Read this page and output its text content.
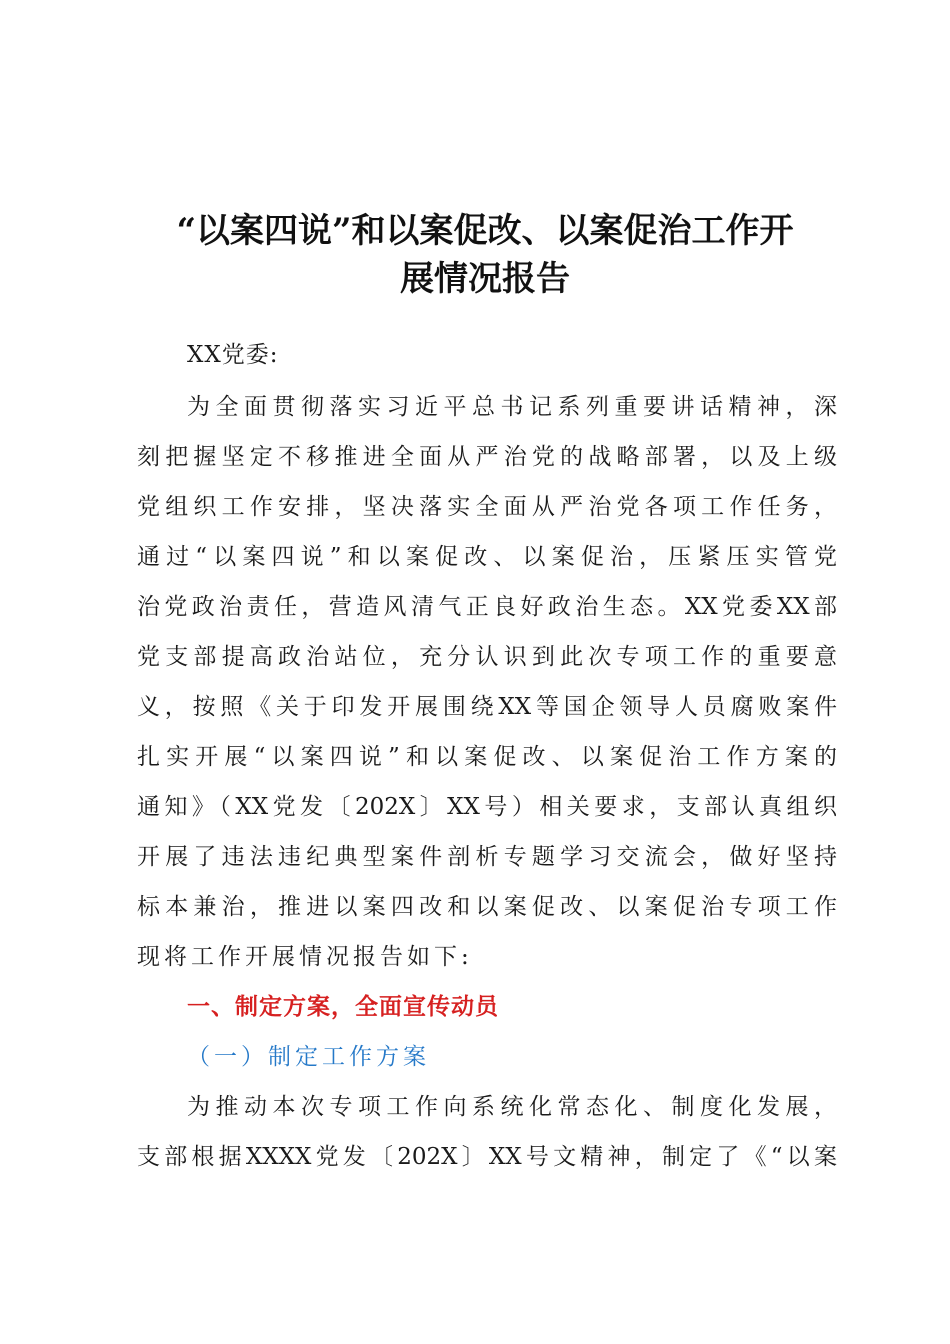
“以案四说”和以案促改、以案促治工作开
展情况报告

XX党委:

为全面贯彻落实习近平总书记系列重要讲话精神，深

刻把握坚定不移推进全面从严治党的战略部署，以及上级

党组织工作安排，坚决落实全面从严治党各项工作任务，

通过“以案四说”和以案促改、以案促治，压紧压实管党

治党政治责任，营造风清气正良好政治生态。XX党委XX部

党支部提高政治站位，充分认识到此次专项工作的重要意

义，按照《关于印发开展围绕XX等国企领导人员腐败案件

扎实开展“以案四说”和以案促改、以案促治工作方案的

通知》（XX党发〔202X〕XX号）相关要求，支部认真组织

开展了违法违纪典型案件剖析专题学习交流会，做好坚持

标本兼治，推进以案四改和以案促改、以案促治专项工作

现将工作开展情况报告如下:

一、制定方案，全面宣传动员

（一）制定工作方案

为推动本次专项工作向系统化常态化、制度化发展，

支部根据XXXX党发〔202X〕XX号文精神，制定了《“以案
